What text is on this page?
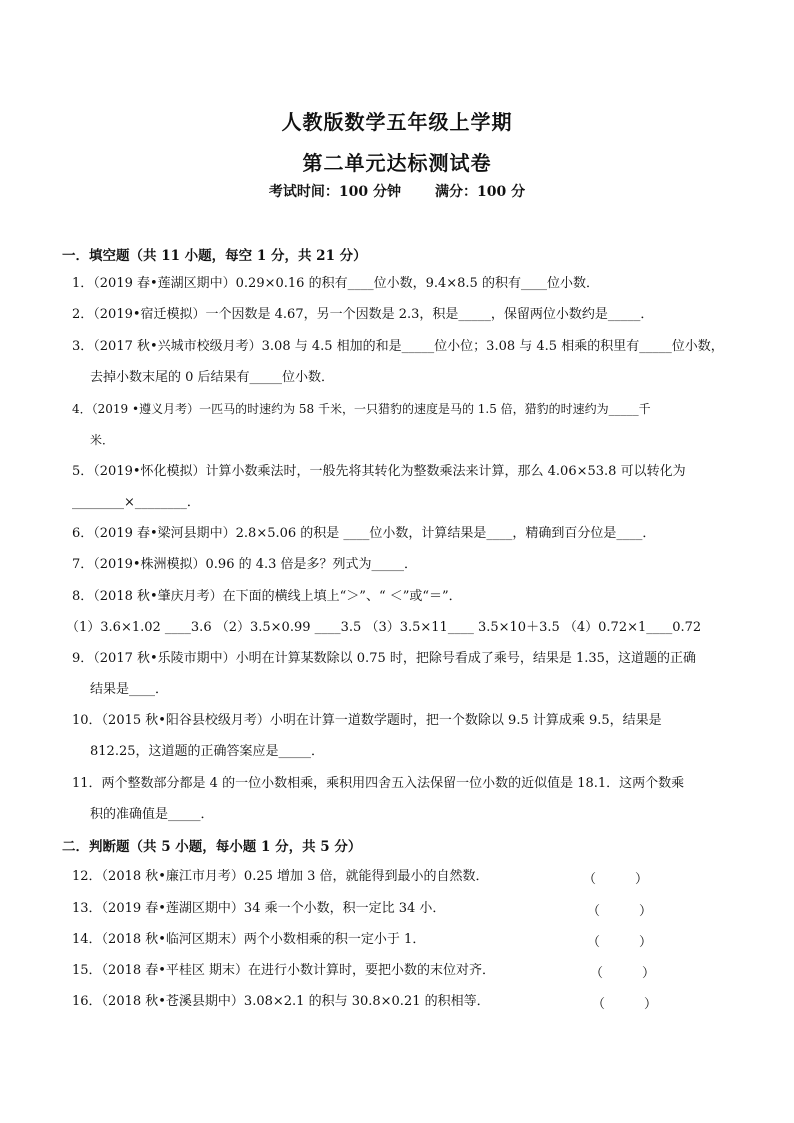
人教版数学五年级上学期
第二单元达标测试卷
考试时间：100 分钟 满分：100 分
一．填空题（共 11 小题，每空 1 分，共 21 分）
1．（2019 春•莲湖区期中）0.29×0.16 的积有____位小数，9.4×8.5 的积有____位小数．
2．（2019•宿迁模拟）一个因数是 4.67，另一个因数是 2.3，积是_____，保留两位小数约是_____．
3．（2017 秋•兴城市校级月考）3.08 与 4.5 相加的和是_____位小位；3.08 与 4.5 相乘的积里有_____位小数，
去掉小数末尾的 0 后结果有_____位小数．
4．（2019 •遵义月考）一匹马的时速约为 58 千米，一只猎豹的速度是马的 1.5 倍，猎豹的时速约为_____千
米．
5．（2019•怀化模拟）计算小数乘法时，一般先将其转化为整数乘法来计算，那么 4.06×53.8 可以转化为
________×________．
6．（2019 春•梁河县期中）2.8×5.06 的积是 ____位小数，计算结果是____，精确到百分位是____．
7．（2019•株洲模拟）0.96 的 4.3 倍是多？列式为_____．
8．（2018 秋•肇庆月考）在下面的横线上填上“＞”、“ ＜”或“＝”．
（1）3.6×1.02 ____3.6 （2）3.5×0.99 ____3.5 （3）3.5×11____ 3.5×10＋3.5 （4）0.72×1____0.72
9．（2017 秋•乐陵市期中）小明在计算某数除以 0.75 时，把除号看成了乘号，结果是 1.35，这道题的正确
结果是____．
10．（2015 秋•阳谷县校级月考）小明在计算一道数学题时，把一个数除以 9.5 计算成乘 9.5，结果是
812.25，这道题的正确答案应是_____．
11．两个整数部分都是 4 的一位小数相乘，乘积用四舍五入法保留一位小数的近似值是 18.1．这两个数乘
积的准确值是_____．
二．判断题（共 5 小题，每小题 1 分，共 5 分）
12．（2018 秋•廉江市月考）0.25 增加 3 倍，就能得到最小的自然数．	（　　　）
13．（2019 春•莲湖区期中）34 乘一个小数，积一定比 34 小．	（　　　）
14．（2018 秋•临河区期末）两个小数相乘的积一定小于 1．	（　　　）
15．（2018 春•平桂区 期末）在进行小数计算时，要把小数的末位对齐．	（　　　）
16．（2018 秋•苍溪县期中）3.08×2.1 的积与 30.8×0.21 的积相等．	（　　　）
